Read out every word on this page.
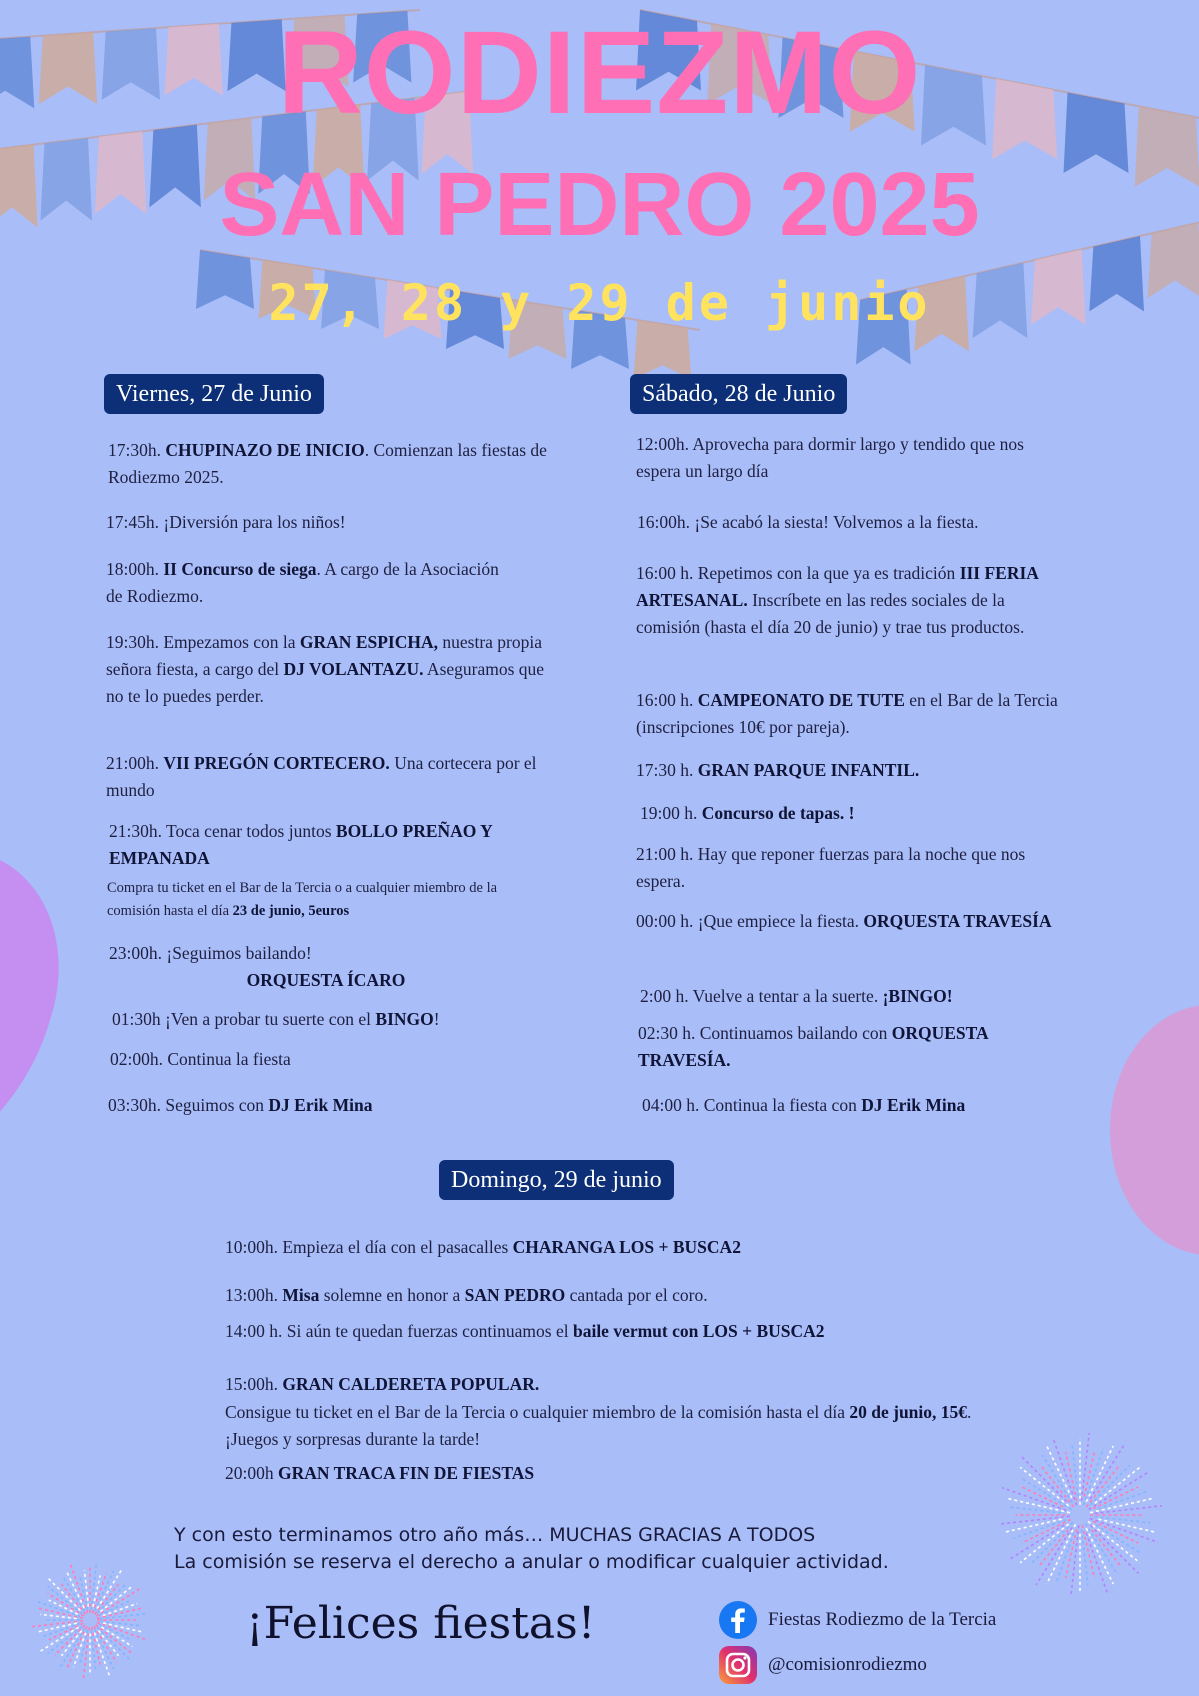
RODIEZMO
SAN PEDRO 2025
27, 28 y 29 de junio
Viernes, 27 de Junio
17:30h. CHUPINAZO DE INICIO. Comienzan las fiestas de Rodiezmo 2025.
17:45h. ¡Diversión para los niños!
18:00h. II Concurso de siega. A cargo de la Asociación de Rodiezmo.
19:30h. Empezamos con la GRAN ESPICHA, nuestra propia señora fiesta, a cargo del DJ VOLANTAZU. Aseguramos que no te lo puedes perder.
21:00h. VII PREGÓN CORTECERO. Una cortecera por el mundo
21:30h. Toca cenar todos juntos BOLLO PREÑAO Y EMPANADA
Compra tu ticket en el Bar de la Tercia o a cualquier miembro de la comisión hasta el día 23 de junio, 5euros
23:00h. ¡Seguimos bailando!
ORQUESTA ÍCARO
01:30h ¡Ven a probar tu suerte con el BINGO!
02:00h. Continua la fiesta
03:30h. Seguimos con DJ Erik Mina
Sábado, 28 de Junio
12:00h. Aprovecha para dormir largo y tendido que nos espera un largo día
16:00h. ¡Se acabó la siesta! Volvemos a la fiesta.
16:00 h. Repetimos con la que ya es tradición III FERIA ARTESANAL. Inscríbete en las redes sociales de la comisión (hasta el día 20 de junio) y trae tus productos.
16:00 h. CAMPEONATO DE TUTE en el Bar de la Tercia (inscripciones 10€ por pareja).
17:30 h. GRAN PARQUE INFANTIL.
19:00 h. Concurso de tapas. !
21:00 h. Hay que reponer fuerzas para la noche que nos espera.
00:00 h. ¡Que empiece la fiesta. ORQUESTA TRAVESÍA
2:00 h. Vuelve a tentar a la suerte. ¡BINGO!
02:30 h. Continuamos bailando con ORQUESTA TRAVESÍA.
04:00 h. Continua la fiesta con DJ Erik Mina
Domingo, 29 de junio
10:00h. Empieza el día con el pasacalles CHARANGA LOS + BUSCA2
13:00h. Misa solemne en honor a SAN PEDRO cantada por el coro.
14:00 h. Si aún te quedan fuerzas continuamos el baile vermut con LOS + BUSCA2
15:00h. GRAN CALDERETA POPULAR.
Consigue tu ticket en el Bar de la Tercia o cualquier miembro de la comisión hasta el día 20 de junio, 15€.
¡Juegos y sorpresas durante la tarde!
20:00h GRAN TRACA FIN DE FIESTAS
Y con esto terminamos otro año más… MUCHAS GRACIAS A TODOS
La comisión se reserva el derecho a anular o modificar cualquier actividad.
¡Felices fiestas!	Fiestas Rodiezmo de la Tercia
@comisionrodiezmo
